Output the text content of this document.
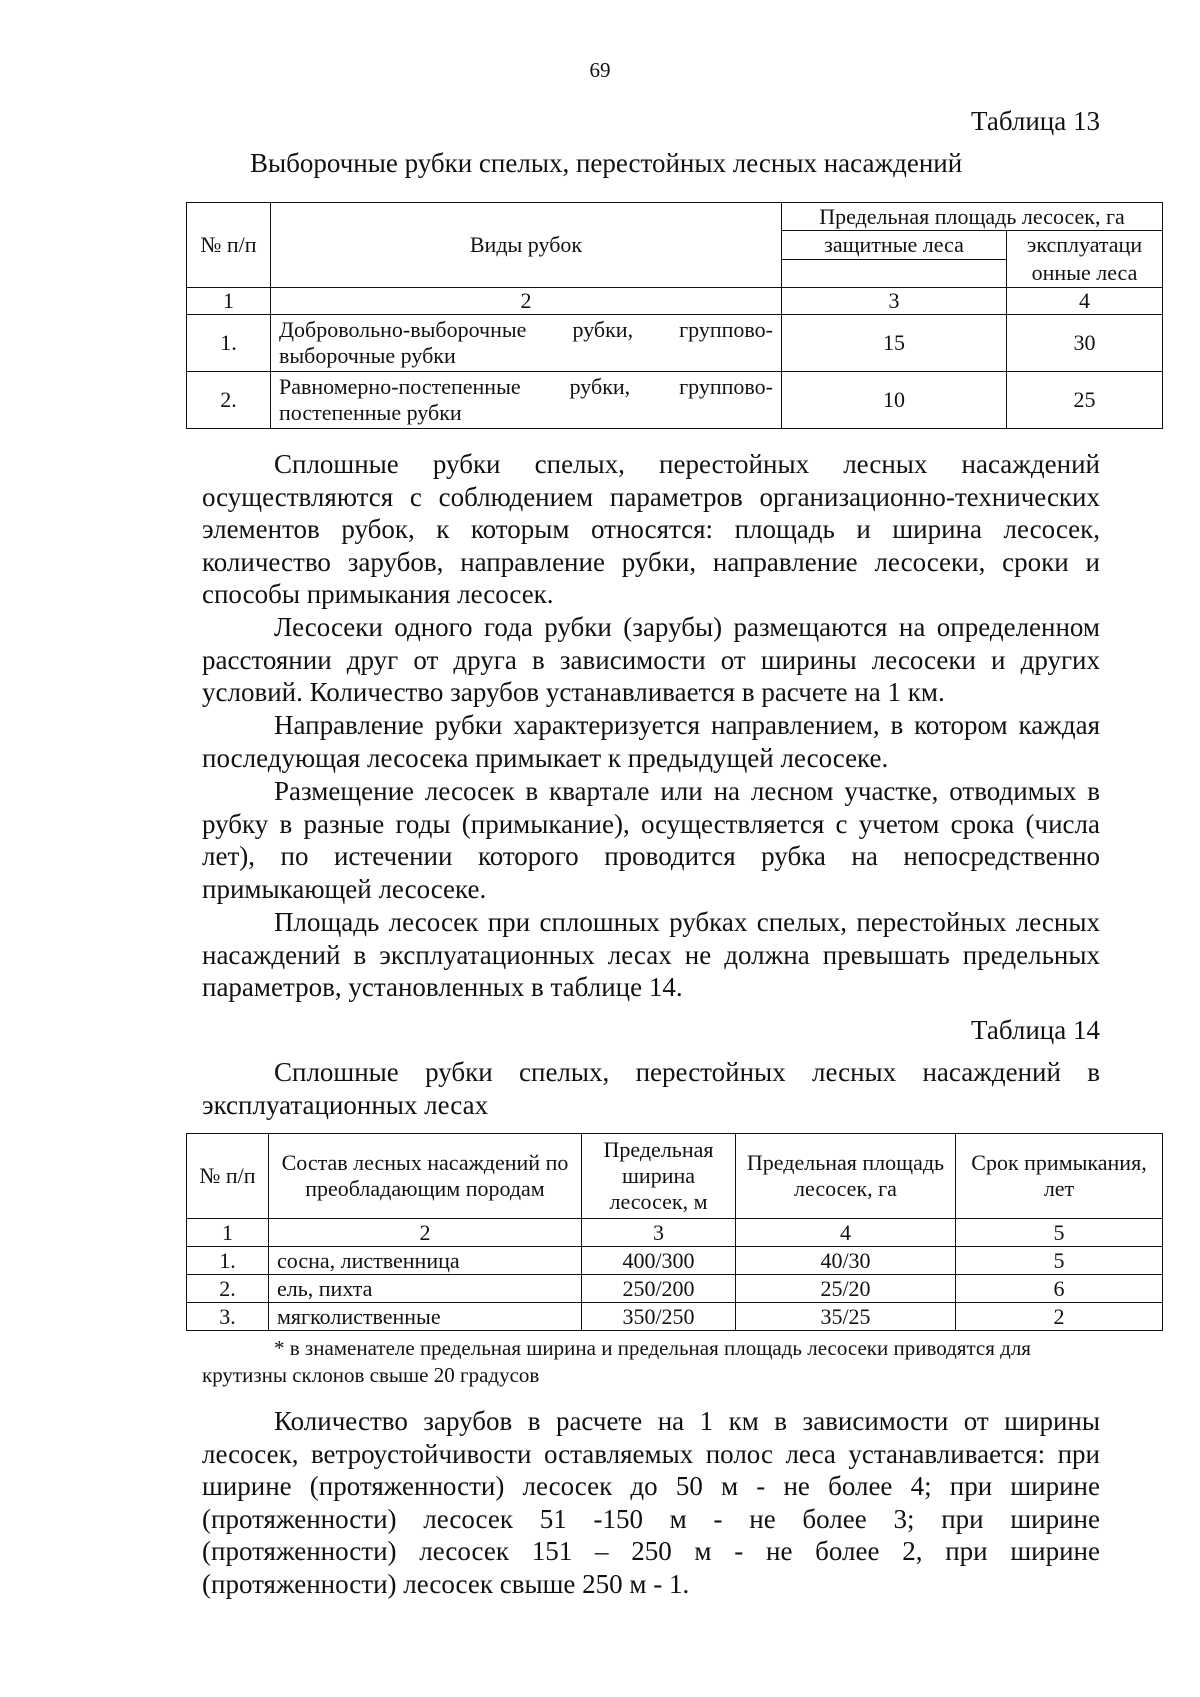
69
Таблица 13
Выборочные рубки спелых, перестойных лесных насаждений
№ п/п	Виды рубок	Предельная площадь лесосек, га	
		защитные леса	эксплуатаци онные леса

1	2	3	4
1.	Добровольно-выборочные рубки, группово-выборочные рубки	15	30
2.	Равномерно-постепенные рубки, группово-постепенные рубки	10	25

Сплошные рубки спелых, перестойных лесных насаждений осуществляются с соблюдением параметров организационно-технических элементов рубок, к которым относятся: площадь и ширина лесосек, количество зарубов, направление рубки, направление лесосеки, сроки и способы примыкания лесосек.

Лесосеки одного года рубки (зарубы) размещаются на определенном расстоянии друг от друга в зависимости от ширины лесосеки и других условий. Количество зарубов устанавливается в расчете на 1 км.

Направление рубки характеризуется направлением, в котором каждая последующая лесосека примыкает к предыдущей лесосеке.

Размещение лесосек в квартале или на лесном участке, отводимых в рубку в разные годы (примыкание), осуществляется с учетом срока (числа лет), по истечении которого проводится рубка на непосредственно примыкающей лесосеке.

Площадь лесосек при сплошных рубках спелых, перестойных лесных насаждений в эксплуатационных лесах не должна превышать предельных параметров, установленных в таблице 14.

Таблица 14

Сплошные рубки спелых, перестойных лесных насаждений в эксплуатационных лесах

№ п/п	Состав лесных насаждений по преобладающим породам	Предельная ширина лесосек, м	Предельная площадь лесосек, га	Срок примыкания, лет
1	2	3	4	5
1.	сосна, лиственница	400/300	40/30	5
2.	ель, пихта	250/200	25/20	6
3.	мягколиственные	350/250	35/25	2
* в знаменателе предельная ширина и предельная площадь лесосеки приводятся для крутизны склонов свыше 20 градусов

Количество зарубов в расчете на 1 км в зависимости от ширины лесосек, ветроустойчивости оставляемых полос леса устанавливается: при ширине (протяженности) лесосек до 50 м - не более 4; при ширине (протяженности) лесосек 51 -150 м - не более 3; при ширине (протяженности) лесосек 151 – 250 м - не более 2, при ширине (протяженности) лесосек свыше 250 м - 1.
